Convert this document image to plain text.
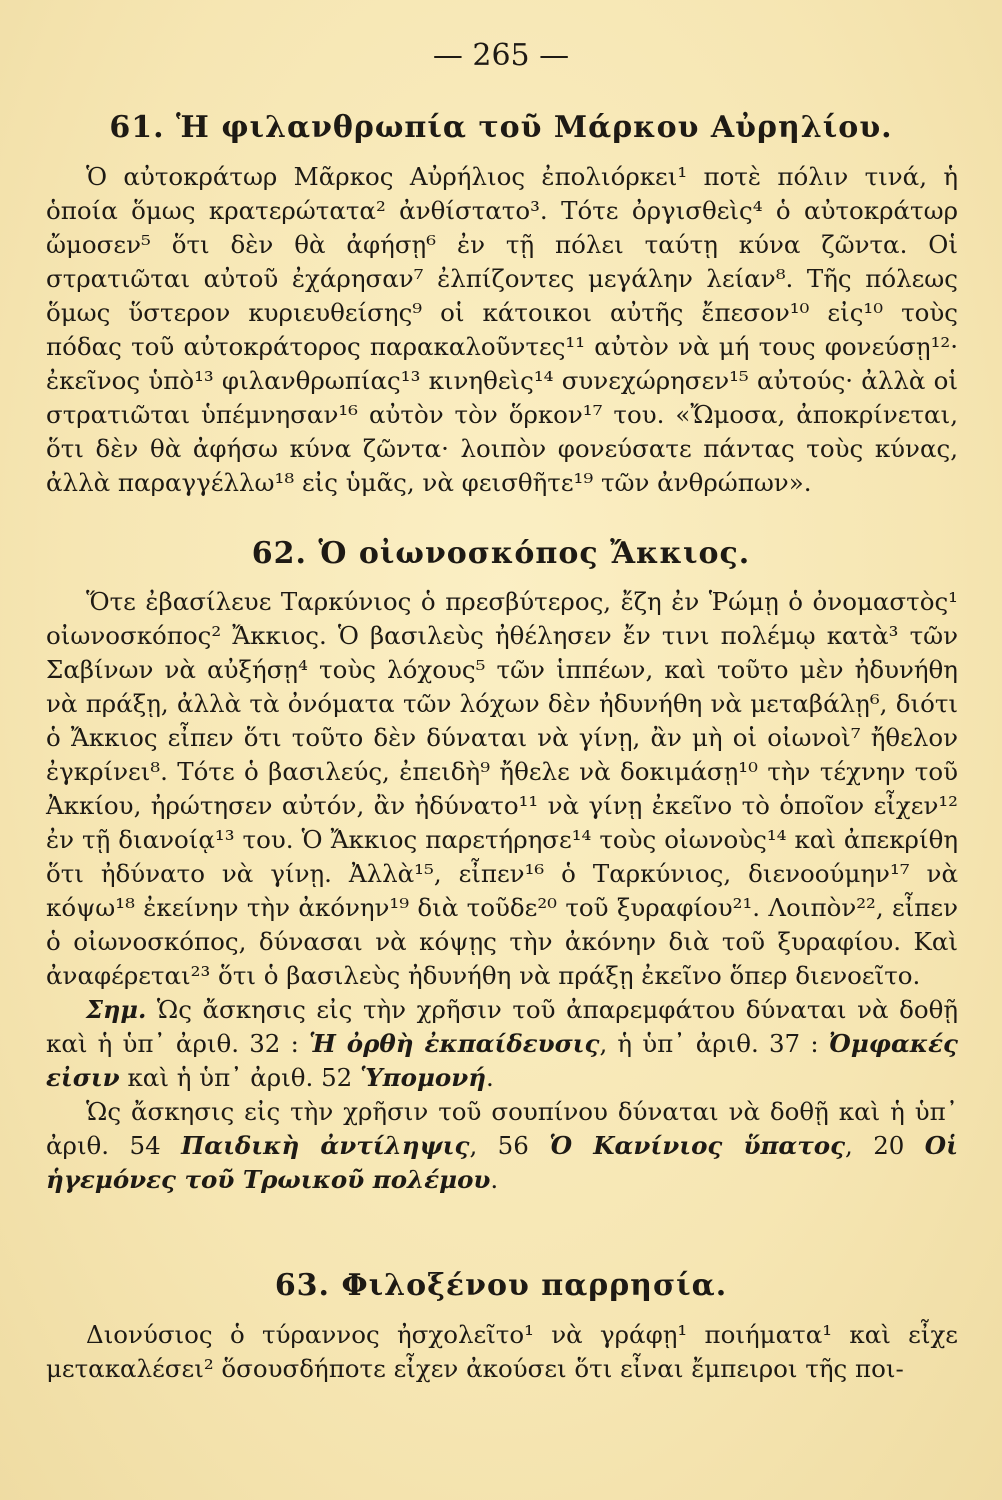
— 265 —
61. Ἡ φιλανθρωπία τοῦ Μάρκου Αὐρηλίου.

Ὁ αὐτοκράτωρ Μᾶρκος Αὐρήλιος ἐπολιόρκει¹ ποτὲ πόλιν τινά, ἡ ὁποία ὅμως κρατερώτατα² ἀνθίστατο³. Τότε ὀργισθεὶς⁴ ὁ αὐτοκράτωρ ὤμοσεν⁵ ὅτι δὲν θὰ ἀφήσῃ⁶ ἐν τῇ πόλει ταύτῃ κύνα ζῶντα. Οἱ στρατιῶται αὐτοῦ ἐχάρησαν⁷ ἐλπίζοντες μεγάλην λείαν⁸. Τῆς πόλεως ὅμως ὕστερον κυριευθείσης⁹ οἱ κάτοικοι αὐτῆς ἔπεσον¹⁰ εἰς¹⁰ τοὺς πόδας τοῦ αὐτοκράτορος παρακαλοῦντες¹¹ αὐτὸν νὰ μή τους φονεύσῃ¹²· ἐκεῖνος ὑπὸ¹³ φιλανθρωπίας¹³ κινηθεὶς¹⁴ συνεχώρησεν¹⁵ αὐτούς· ἀλλὰ οἱ στρατιῶται ὑπέμνησαν¹⁶ αὐτὸν τὸν ὅρκον¹⁷ του. «Ὤμοσα, ἀποκρίνεται, ὅτι δὲν θὰ ἀφήσω κύνα ζῶντα· λοιπὸν φονεύσατε πάντας τοὺς κύνας, ἀλλὰ παραγγέλλω¹⁸ εἰς ὑμᾶς, νὰ φεισθῆτε¹⁹ τῶν ἀνθρώπων».

62. Ὁ οἰωνοσκόπος Ἄκκιος.

Ὅτε ἐβασίλευε Ταρκύνιος ὁ πρεσβύτερος, ἔζη ἐν Ῥώμῃ ὁ ὀνομαστὸς¹ οἰωνοσκόπος² Ἄκκιος. Ὁ βασιλεὺς ἠθέλησεν ἔν τινι πολέμῳ κατὰ³ τῶν Σαβίνων νὰ αὐξήσῃ⁴ τοὺς λόχους⁵ τῶν ἱππέων, καὶ τοῦτο μὲν ἠδυνήθη νὰ πράξῃ, ἀλλὰ τὰ ὀνόματα τῶν λόχων δὲν ἠδυνήθη νὰ μεταβάλῃ⁶, διότι ὁ Ἄκκιος εἶπεν ὅτι τοῦτο δὲν δύναται νὰ γίνῃ, ἂν μὴ οἱ οἰωνοὶ⁷ ἤθελον ἐγκρίνει⁸. Τότε ὁ βασιλεύς, ἐπειδὴ⁹ ἤθελε νὰ δοκιμάσῃ¹⁰ τὴν τέχνην τοῦ Ἀκκίου, ἠρώτησεν αὐτόν, ἂν ἠδύνατο¹¹ νὰ γίνῃ ἐκεῖνο τὸ ὁποῖον εἶχεν¹² ἐν τῇ διανοίᾳ¹³ του. Ὁ Ἄκκιος παρετήρησε¹⁴ τοὺς οἰωνοὺς¹⁴ καὶ ἀπεκρίθη ὅτι ἠδύνατο νὰ γίνῃ. Ἀλλὰ¹⁵, εἶπεν¹⁶ ὁ Ταρκύνιος, διενοούμην¹⁷ νὰ κόψω¹⁸ ἐκείνην τὴν ἀκόνην¹⁹ διὰ τοῦδε²⁰ τοῦ ξυραφίου²¹. Λοιπὸν²², εἶπεν ὁ οἰωνοσκόπος, δύνασαι νὰ κόψῃς τὴν ἀκόνην διὰ τοῦ ξυραφίου. Καὶ ἀναφέρεται²³ ὅτι ὁ βασιλεὺς ἠδυνήθη νὰ πράξῃ ἐκεῖνο ὅπερ διενοεῖτο.

Σημ. Ὡς ἄσκησις εἰς τὴν χρῆσιν τοῦ ἀπαρεμφάτου δύναται νὰ δοθῇ καὶ ἡ ὑπ᾽ ἀριθ. 32 : Ἡ ὀρθὴ ἐκπαίδευσις, ἡ ὑπ᾽ ἀριθ. 37 : Ὀμφακές εἰσιν καὶ ἡ ὑπ᾽ ἀριθ. 52 Ὑπομονή.

Ὡς ἄσκησις εἰς τὴν χρῆσιν τοῦ σουπίνου δύναται νὰ δοθῇ καὶ ἡ ὑπ᾽ ἀριθ. 54 Παιδικὴ ἀντίληψις, 56 Ὁ Κανίνιος ὕπατος, 20 Οἱ ἡγεμόνες τοῦ Τρωικοῦ πολέμου.

63. Φιλοξένου παρρησία.

Διονύσιος ὁ τύραννος ἠσχολεῖτο¹ νὰ γράφῃ¹ ποιήματα¹ καὶ εἶχε μετακαλέσει² ὅσουσδήποτε εἶχεν ἀκούσει ὅτι εἶναι ἔμπειροι τῆς ποι-
